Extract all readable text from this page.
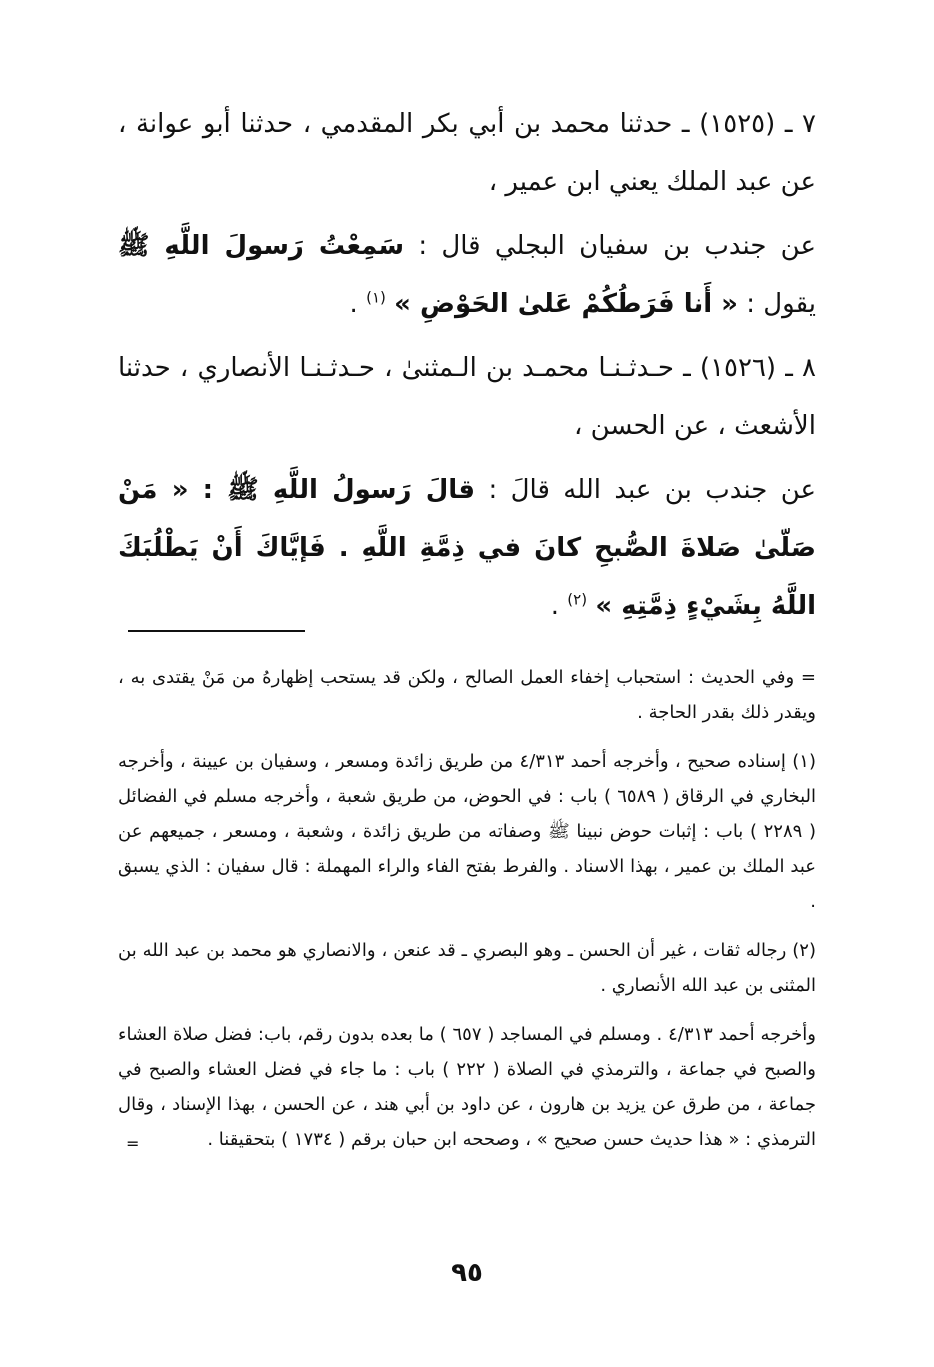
٧ ـ (١٥٢٥) ـ حدثنا محمد بن أبي بكر المقدمي ، حدثنا أبو عوانة ، عن عبد الملك يعني ابن عمير ،

عن جندب بن سفيان البجلي قال : سَمِعْتُ رَسولَ اللَّهِ ﷺ يقول : « أَنا فَرَطُكُمْ عَلىٰ الحَوْضِ » $^{(١)}$ .

٨ ـ (١٥٢٦) ـ حـدثـنـا محمـد بن الـمثنىٰ ، حـدثـنـا الأنصاري ، حدثنا الأشعث ، عن الحسن ،

عن جندب بن عبد الله قالَ : قالَ رَسولُ اللَّهِ ﷺ : « مَنْ صَلّىٰ صَلاةَ الصُّبحِ كانَ في ذِمَّةِ اللَّهِ . فَإيَّاكَ أَنْ يَطْلُبَكَ اللَّهُ بِشَيْءٍ ذِمَّتِهِ » $^{(٢)}$ .

= وفي الحديث : استحباب إخفاء العمل الصالح ، ولكن قد يستحب إظهارهُ من مَنْ يقتدى به ، ويقدر ذلك بقدر الحاجة .

(١) إسناده صحيح ، وأخرجه أحمد ٤/٣١٣ من طريق زائدة ومسعر ، وسفيان بن عيينة ، وأخرجه البخاري في الرقاق ( ٦٥٨٩ ) باب : في الحوض، من طريق شعبة ، وأخرجه مسلم في الفضائل ( ٢٢٨٩ ) باب : إثبات حوض نبينا ﷺ وصفاته من طريق زائدة ، وشعبة ، ومسعر ، جميعهم عن عبد الملك بن عمير ، بهذا الاسناد . والفرط بفتح الفاء والراء المهملة : قال سفيان : الذي يسبق .

(٢) رجاله ثقات ، غير أن الحسن ـ وهو البصري ـ قد عنعن ، والانصاري هو محمد بن عبد الله بن المثنى بن عبد الله الأنصاري .

وأخرجه أحمد ٤/٣١٣ . ومسلم في المساجد ( ٦٥٧ ) ما بعده بدون رقم، باب: فضل صلاة العشاء والصبح في جماعة ، والترمذي في الصلاة ( ٢٢٢ ) باب : ما جاء في فضل العشاء والصبح في جماعة ، من طرق عن يزيد بن هارون ، عن داود بن أبي هند ، عن الحسن ، بهذا الإسناد ، وقال الترمذي : « هذا حديث حسن صحيح » ، وصححه ابن حبان برقم ( ١٧٣٤ ) بتحقيقنا .

=
٩٥
